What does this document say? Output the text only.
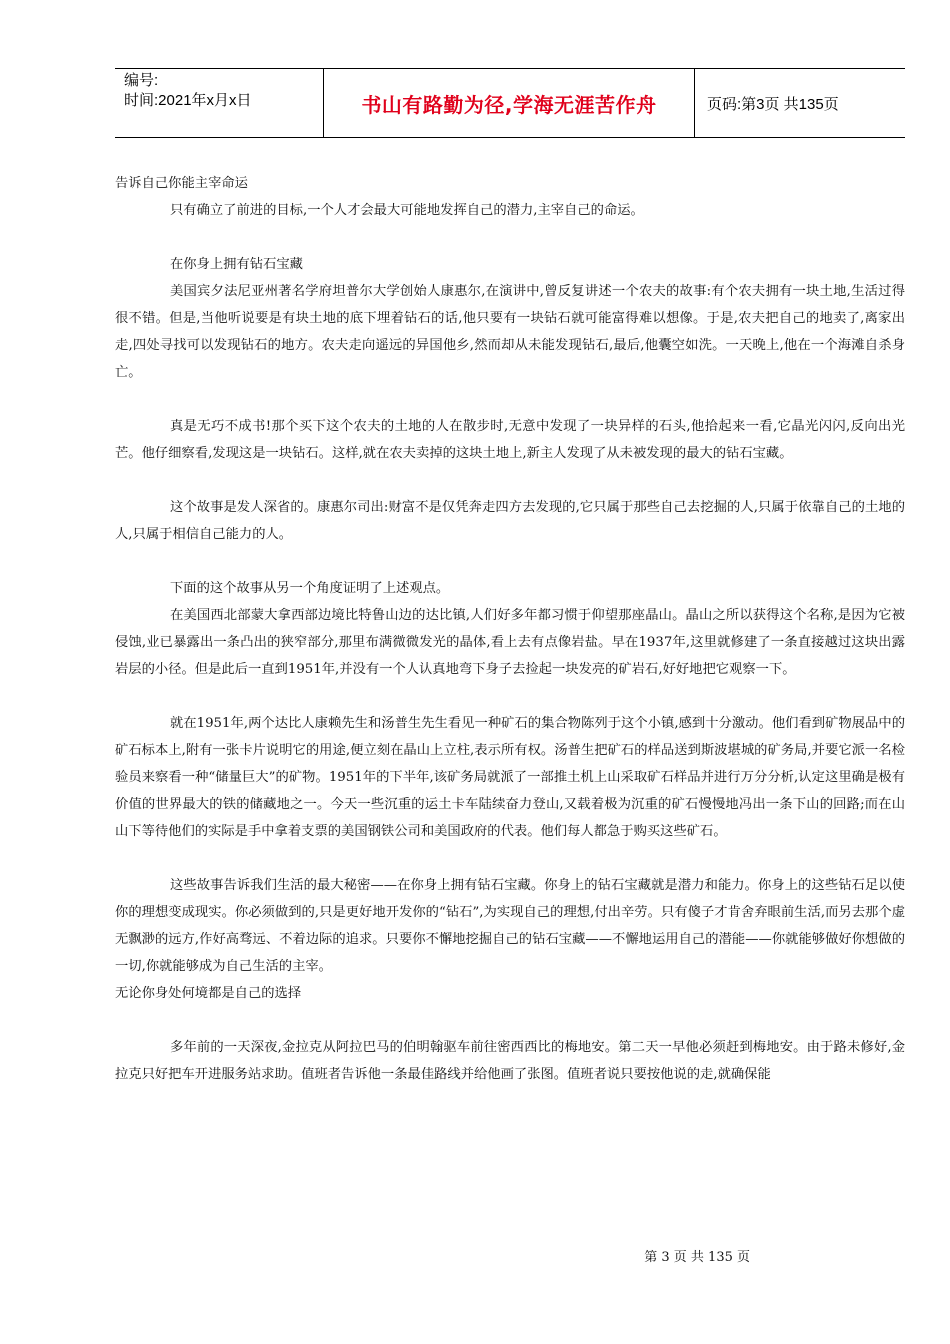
编号:
时间:2021年x月x日	书山有路勤为径,学海无涯苦作舟	页码:第3页 共135页

告诉自己你能主宰命运

只有确立了前进的目标,一个人才会最大可能地发挥自己的潜力,主宰自己的命运。

在你身上拥有钻石宝藏

美国宾夕法尼亚州著名学府坦普尔大学创始人康惠尔,在演讲中,曾反复讲述一个农夫的故事:有个农夫拥有一块土地,生活过得很不错。但是,当他听说要是有块土地的底下埋着钻石的话,他只要有一块钻石就可能富得难以想像。于是,农夫把自己的地卖了,离家出走,四处寻找可以发现钻石的地方。农夫走向遥远的异国他乡,然而却从未能发现钻石,最后,他囊空如洗。一天晚上,他在一个海滩自杀身亡。

真是无巧不成书!那个买下这个农夫的土地的人在散步时,无意中发现了一块异样的石头,他拾起来一看,它晶光闪闪,反向出光芒。他仔细察看,发现这是一块钻石。这样,就在农夫卖掉的这块土地上,新主人发现了从未被发现的最大的钻石宝藏。

这个故事是发人深省的。康惠尔司出:财富不是仅凭奔走四方去发现的,它只属于那些自己去挖掘的人,只属于依靠自己的土地的人,只属于相信自己能力的人。

下面的这个故事从另一个角度证明了上述观点。

在美国西北部蒙大拿西部边境比特鲁山边的达比镇,人们好多年都习惯于仰望那座晶山。晶山之所以获得这个名称,是因为它被侵蚀,业已暴露出一条凸出的狭窄部分,那里布满微微发光的晶体,看上去有点像岩盐。早在1937年,这里就修建了一条直接越过这块出露岩层的小径。但是此后一直到1951年,并没有一个人认真地弯下身子去捡起一块发亮的矿岩石,好好地把它观察一下。

就在1951年,两个达比人康赖先生和汤普生先生看见一种矿石的集合物陈列于这个小镇,感到十分激动。他们看到矿物展品中的矿石标本上,附有一张卡片说明它的用途,便立刻在晶山上立柱,表示所有权。汤普生把矿石的样品送到斯波堪城的矿务局,并要它派一名检验员来察看一种“储量巨大”的矿物。1951年的下半年,该矿务局就派了一部推土机上山采取矿石样品并进行万分分析,认定这里确是极有价值的世界最大的铁的储藏地之一。今天一些沉重的运土卡车陆续奋力登山,又载着极为沉重的矿石慢慢地冯出一条下山的回路;而在山山下等待他们的实际是手中拿着支票的美国钢铁公司和美国政府的代表。他们每人都急于购买这些矿石。

这些故事告诉我们生活的最大秘密——在你身上拥有钻石宝藏。你身上的钻石宝藏就是潜力和能力。你身上的这些钻石足以使你的理想变成现实。你必须做到的,只是更好地开发你的“钻石”,为实现自己的理想,付出辛劳。只有傻子才肯舍弃眼前生活,而另去那个虚无飘渺的远方,作好高骛远、不着边际的追求。只要你不懈地挖掘自己的钻石宝藏——不懈地运用自己的潜能——你就能够做好你想做的一切,你就能够成为自己生活的主宰。

无论你身处何境都是自己的选择

多年前的一天深夜,金拉克从阿拉巴马的伯明翰驱车前往密西西比的梅地安。第二天一早他必须赶到梅地安。由于路未修好,金拉克只好把车开进服务站求助。值班者告诉他一条最佳路线并给他画了张图。值班者说只要按他说的走,就确保能

第 3 页 共 135 页
